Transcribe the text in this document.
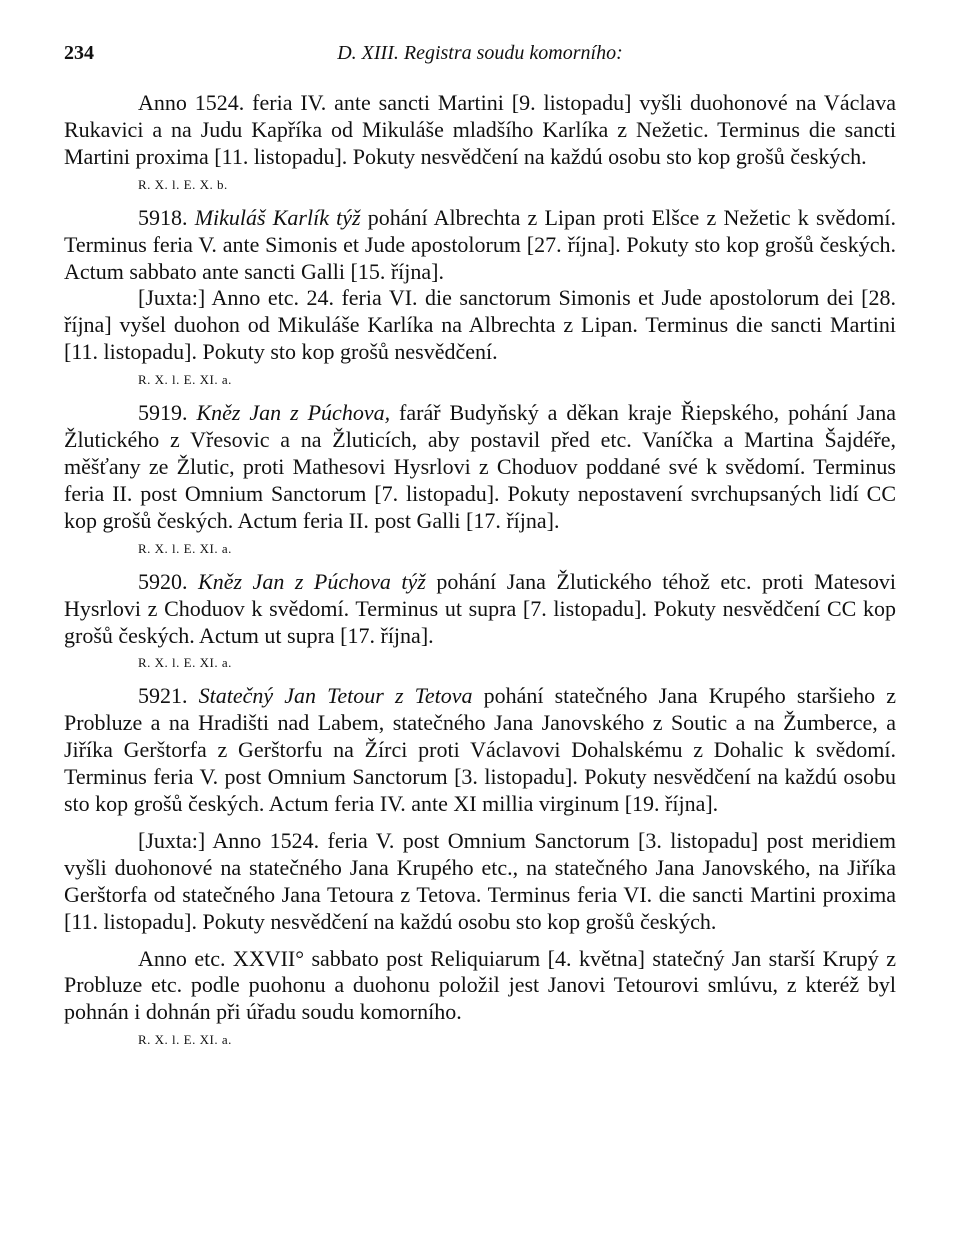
234	D. XIII. Registra soudu komorního:

Anno 1524. feria IV. ante sancti Martini [9. listopadu] vyšli duohonové na Václava Rukavici a na Judu Kapříka od Mikuláše mladšího Karlíka z Nežetic. Terminus die sancti Martini proxima [11. listopadu]. Pokuty nesvědčení na každú osobu sto kop grošů českých.

R. X. l. E. X. b.

5918. Mikuláš Karlík týž pohání Albrechta z Lipan proti Elšce z Nežetic k svědomí. Terminus feria V. ante Simonis et Jude apostolorum [27. října]. Pokuty sto kop grošů českých. Actum sabbato ante sancti Galli [15. října].

[Juxta:] Anno etc. 24. feria VI. die sanctorum Simonis et Jude apostolorum dei [28. října] vyšel duohon od Mikuláše Karlíka na Albrechta z Lipan. Terminus die sancti Martini [11. listopadu]. Pokuty sto kop grošů nesvědčení.

R. X. l. E. XI. a.

5919. Kněz Jan z Púchova, farář Budyňský a děkan kraje Řiepského, pohání Jana Žlutického z Vřesovic a na Žluticích, aby postavil před etc. Vaníčka a Martina Šajdéře, měšťany ze Žlutic, proti Mathesovi Hysrlovi z Choduov poddané své k svědomí. Terminus feria II. post Omnium Sanctorum [7. listopadu]. Pokuty nepostavení svrchupsaných lidí CC kop grošů českých. Actum feria II. post Galli [17. října].

R. X. l. E. XI. a.

5920. Kněz Jan z Púchova týž pohání Jana Žlutického téhož etc. proti Matesovi Hysrlovi z Choduov k svědomí. Terminus ut supra [7. listopadu]. Pokuty nesvědčení CC kop grošů českých. Actum ut supra [17. října].

R. X. l. E. XI. a.

5921. Statečný Jan Tetour z Tetova pohání statečného Jana Krupého staršieho z Probluze a na Hradišti nad Labem, statečného Jana Janovského z Soutic a na Žumberce, a Jiříka Gerštorfa z Gerštorfu na Žírci proti Václavovi Dohalskému z Dohalic k svědomí. Terminus feria V. post Omnium Sanctorum [3. listopadu]. Pokuty nesvědčení na každú osobu sto kop grošů českých. Actum feria IV. ante XI millia virginum [19. října].

[Juxta:] Anno 1524. feria V. post Omnium Sanctorum [3. listopadu] post meridiem vyšli duohonové na statečného Jana Krupého etc., na statečného Jana Janovského, na Jiříka Gerštorfa od statečného Jana Tetoura z Tetova. Terminus feria VI. die sancti Martini proxima [11. listopadu]. Pokuty nesvědčení na každú osobu sto kop grošů českých.

Anno etc. XXVII° sabbato post Reliquiarum [4. května] statečný Jan starší Krupý z Probluze etc. podle puohonu a duohonu položil jest Janovi Tetourovi smlúvu, z kteréž byl pohnán i dohnán při úřadu soudu komorního.

R. X. l. E. XI. a.
